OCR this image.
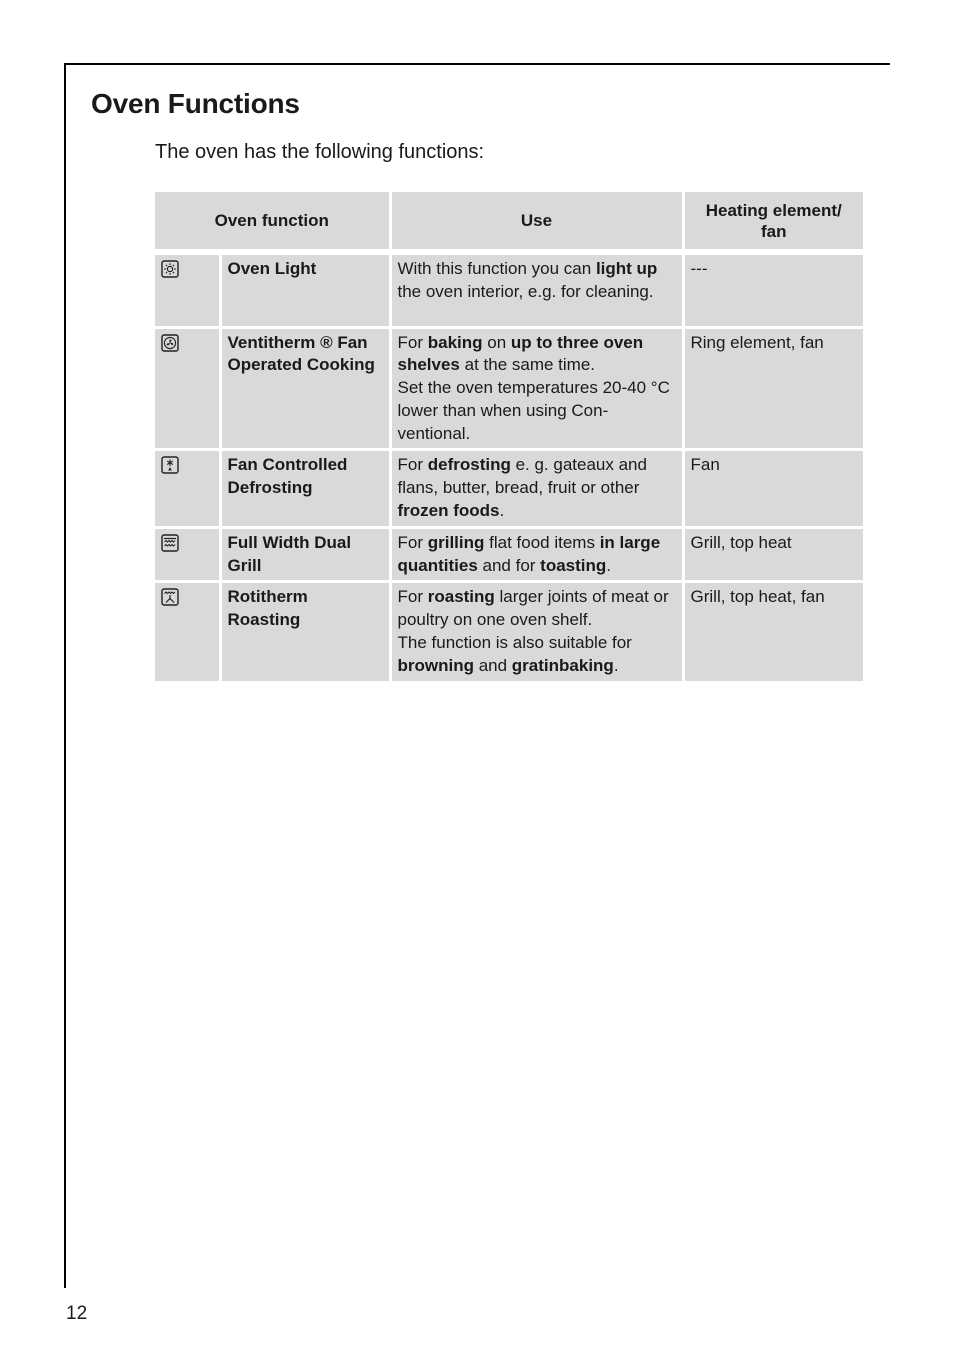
Oven Functions

The oven has the following functions:

Oven function		Use	Heating element/ fan

	Oven Light	With this function you can light up the oven interior, e.g. for cleaning.	---

	Ventitherm ® Fan Operated Cooking	For baking on up to three oven shelves at the same time.
Set the oven temperatures 20-40 °C lower than when using Con-ventional.	Ring element, fan

	Fan Controlled Defrosting	For defrosting e. g. gateaux and flans, butter, bread, fruit or other frozen foods.	Fan

	Full Width Dual Grill	For grilling flat food items in large quantities and for toasting.	Grill, top heat

	Rotitherm Roasting	For roasting larger joints of meat or poultry on one oven shelf.
The function is also suitable for browning and gratinbaking.	Grill, top heat, fan
12
